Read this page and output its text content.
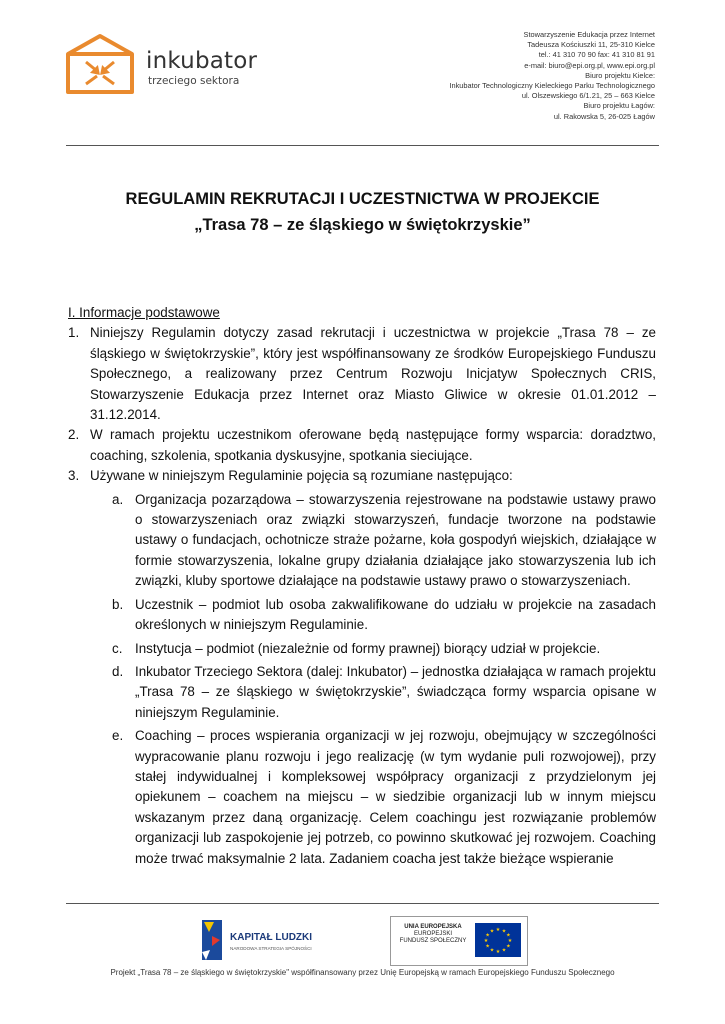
inkubator
trzeciego sektora
Stowarzyszenie Edukacja przez Internet
Tadeusza Kościuszki 11, 25-310 Kielce
tel.: 41 310 70 90 fax: 41 310 81 91
e-mail: biuro@epi.org.pl, www.epi.org.pl
Biuro projektu Kielce:
Inkubator Technologiczny Kieleckiego Parku Technologicznego
ul. Olszewskiego 6/1.21, 25 – 663 Kielce
Biuro projektu Łagów:
ul. Rakowska 5, 26-025 Łagów
REGULAMIN REKRUTACJI I UCZESTNICTWA W PROJEKCIE
„Trasa 78 – ze śląskiego w świętokrzyskie”
I. Informacje podstawowe
1. Niniejszy Regulamin dotyczy zasad rekrutacji i uczestnictwa w projekcie „Trasa 78 – ze śląskiego w świętokrzyskie”, który jest współfinansowany ze środków Europejskiego Funduszu Społecznego, a realizowany przez Centrum Rozwoju Inicjatyw Społecznych CRIS, Stowarzyszenie Edukacja przez Internet oraz Miasto Gliwice w okresie 01.01.2012 – 31.12.2014.
2. W ramach projektu uczestnikom oferowane będą następujące formy wsparcia: doradztwo, coaching, szkolenia, spotkania dyskusyjne, spotkania sieciujące.
3. Używane w niniejszym Regulaminie pojęcia są rozumiane następująco:
a. Organizacja pozarządowa – stowarzyszenia rejestrowane na podstawie ustawy prawo o stowarzyszeniach oraz związki stowarzyszeń, fundacje tworzone na podstawie ustawy o fundacjach, ochotnicze straże pożarne, koła gospodyń wiejskich, działające w formie stowarzyszenia, lokalne grupy działania działające jako stowarzyszenia lub ich związki, kluby sportowe działające na podstawie ustawy prawo o stowarzyszeniach.
b. Uczestnik – podmiot lub osoba zakwalifikowane do udziału w projekcie na zasadach określonych w niniejszym Regulaminie.
c. Instytucja – podmiot (niezależnie od formy prawnej) biorący udział w projekcie.
d. Inkubator Trzeciego Sektora (dalej: Inkubator) – jednostka działająca w ramach projektu „Trasa 78 – ze śląskiego w świętokrzyskie”, świadcząca formy wsparcia opisane w niniejszym Regulaminie.
e. Coaching – proces wspierania organizacji w jej rozwoju, obejmujący w szczególności wypracowanie planu rozwoju i jego realizację (w tym wydanie puli rozwojowej), przy stałej indywidualnej i kompleksowej współpracy organizacji z przydzielonym jej opiekunem – coachem na miejscu – w siedzibie organizacji lub w innym miejscu wskazanym przez daną organizację. Celem coachingu jest rozwiązanie problemów organizacji lub zaspokojenie jej potrzeb, co powinno skutkować jej rozwojem. Coaching może trwać maksymalnie 2 lata. Zadaniem coacha jest także bieżące wspieranie
KAPITAŁ LUDZKI
NARODOWA STRATEGIA SPÓJNOŚCI
UNIA EUROPEJSKA
EUROPEJSKI
FUNDUSZ SPOŁECZNY
★ ★
★
★
★
★
★
★
★
★
★
★
Projekt „Trasa 78 – ze śląskiego w świętokrzyskie" współfinansowany przez Unię Europejską w ramach Europejskiego Funduszu Społecznego
